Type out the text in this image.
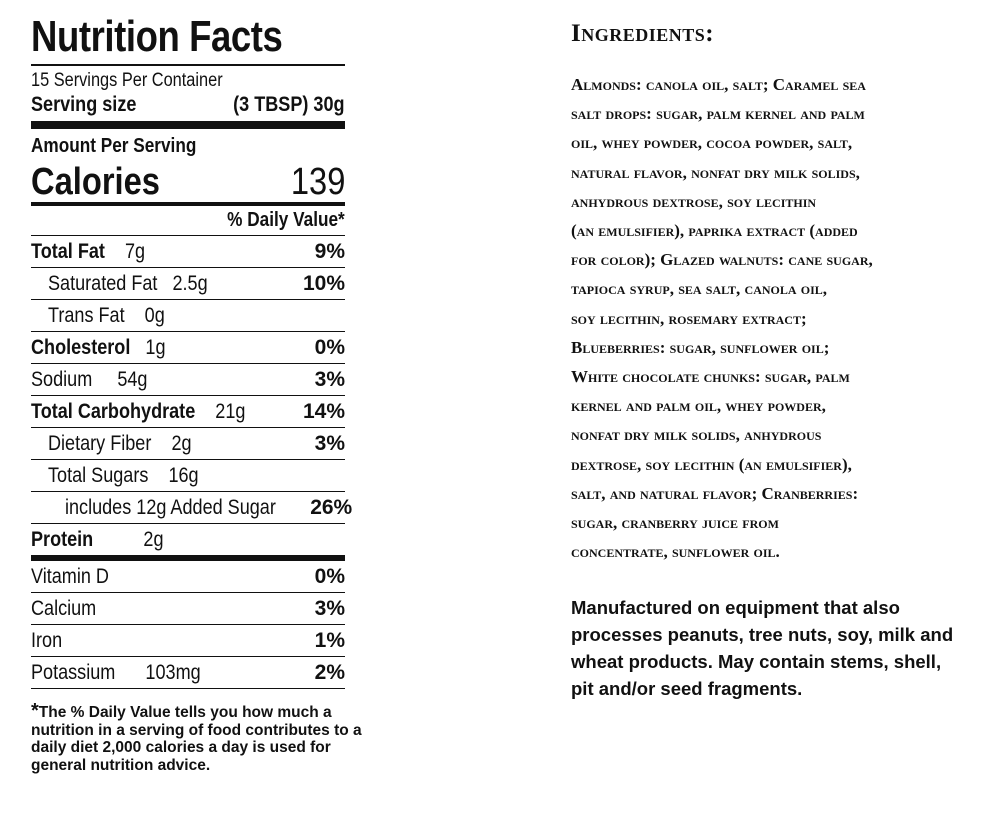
Nutrition Facts
15 Servings Per Container
Serving size	(3 TBSP) 30g
Amount Per Serving
Calories	139
% Daily Value*
Total Fat 7g	9%
Saturated Fat 2.5g	10%
Trans Fat 0g
Cholesterol 1g	0%
Sodium 54g	3%
Total Carbohydrate 21g	14%
Dietary Fiber 2g	3%
Total Sugars 16g
includes 12g Added Sugar 26%
Protein 2g
Vitamin D	0%
Calcium	3%
Iron	1%
Potassium 103mg	2%
*The % Daily Value tells you how much a nutrition in a serving of food contributes to a daily diet 2,000 calories a day is used for general nutrition advice.
Ingredients:
Almonds: canola oil, salt; Caramel sea
salt drops: sugar, palm kernel and palm
oil, whey powder, cocoa powder, salt,
natural flavor, nonfat dry milk solids,
anhydrous dextrose, soy lecithin
(an emulsifier), paprika extract (added
for color); Glazed walnuts: cane sugar,
tapioca syrup, sea salt, canola oil,
soy lecithin, rosemary extract;
Blueberries: sugar, sunflower oil;
White chocolate chunks: sugar, palm
kernel and palm oil, whey powder,
nonfat dry milk solids, anhydrous
dextrose, soy lecithin (an emulsifier),
salt, and natural flavor; Cranberries:
sugar, cranberry juice from
concentrate, sunflower oil.
Manufactured on equipment that also
processes peanuts, tree nuts, soy, milk and
wheat products. May contain stems, shell,
pit and/or seed fragments.
